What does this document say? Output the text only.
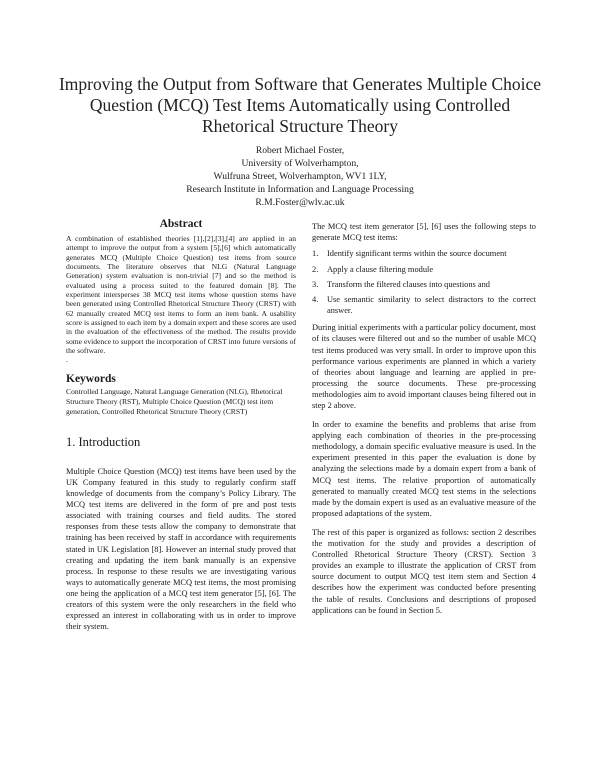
Improving the Output from Software that Generates Multiple Choice
Question (MCQ) Test Items Automatically using Controlled
Rhetorical Structure Theory
Robert Michael Foster,
University of Wolverhampton,
Wulfruna Street, Wolverhampton, WV1 1LY,
Research Institute in Information and Language Processing
R.M.Foster@wlv.ac.uk
Abstract

A combination of established theories [1],[2],[3],[4] are applied in an attempt to improve the output from a system [5],[6] which automatically generates MCQ (Multiple Choice Question) test items from source documents. The literature observes that NLG (Natural Language Generation) system evaluation is non-trivial [7] and so the method is evaluated using a process suited to the featured domain [8]. The experiment intersperses 38 MCQ test items whose question stems have been generated using Controlled Rhetorical Structure Theory (CRST) with 62 manually created MCQ test items to form an item bank. A usability score is assigned to each item by a domain expert and these scores are used in the evaluation of the effectiveness of the method. The results provide some evidence to support the incorporation of CRST into future versions of the software.

.

Keywords

Controlled Language, Natural Language Generation (NLG), Rhetorical Structure Theory (RST), Multiple Choice Question (MCQ) test item generation, Controlled Rhetorical Structure Theory (CRST)

1. Introduction

Multiple Choice Question (MCQ) test items have been used by the UK Company featured in this study to regularly confirm staff knowledge of documents from the company’s Policy Library. The MCQ test items are delivered in the form of pre and post tests associated with training courses and field audits. The stored responses from these tests allow the company to demonstrate that training has been received by staff in accordance with requirements stated in UK Legislation [8]. However an internal study proved that creating and updating the item bank manually is an expensive process. In response to these results we are investigating various ways to automatically generate MCQ test items, the most promising one being the application of a MCQ test item generator [5], [6]. The creators of this system were the only researchers in the field who expressed an interest in collaborating with us in order to improve their system.

The MCQ test item generator [5], [6] uses the following steps to generate MCQ test items:

1.	Identify significant terms within the source document
2.	Apply a clause filtering module
3.	Transform the filtered clauses into questions and
4.	Use semantic similarity to select distractors to the correct answer.

During initial experiments with a particular policy document, most of its clauses were filtered out and so the number of usable MCQ test items produced was very small. In order to improve upon this performance various experiments are planned in which a variety of theories about language and learning are applied in pre-processing the source documents. These pre-processing methodologies aim to avoid important clauses being filtered out in step 2 above.

In order to examine the benefits and problems that arise from applying each combination of theories in the pre-processing methodology, a domain specific evaluative measure is used. In the experiment presented in this paper the evaluation is done by analyzing the selections made by a domain expert from a bank of MCQ test items. The relative proportion of automatically generated to manually created MCQ test stems in the selections made by the domain expert is used as an evaluative measure of the proposed adaptations of the system.

The rest of this paper is organized as follows: section 2 describes the motivation for the study and provides a description of Controlled Rhetorical Structure Theory (CRST). Section 3 provides an example to illustrate the application of CRST from source document to output MCQ test item stem and Section 4 describes how the experiment was conducted before presenting the table of results. Conclusions and descriptions of proposed applications can be found in Section 5.
